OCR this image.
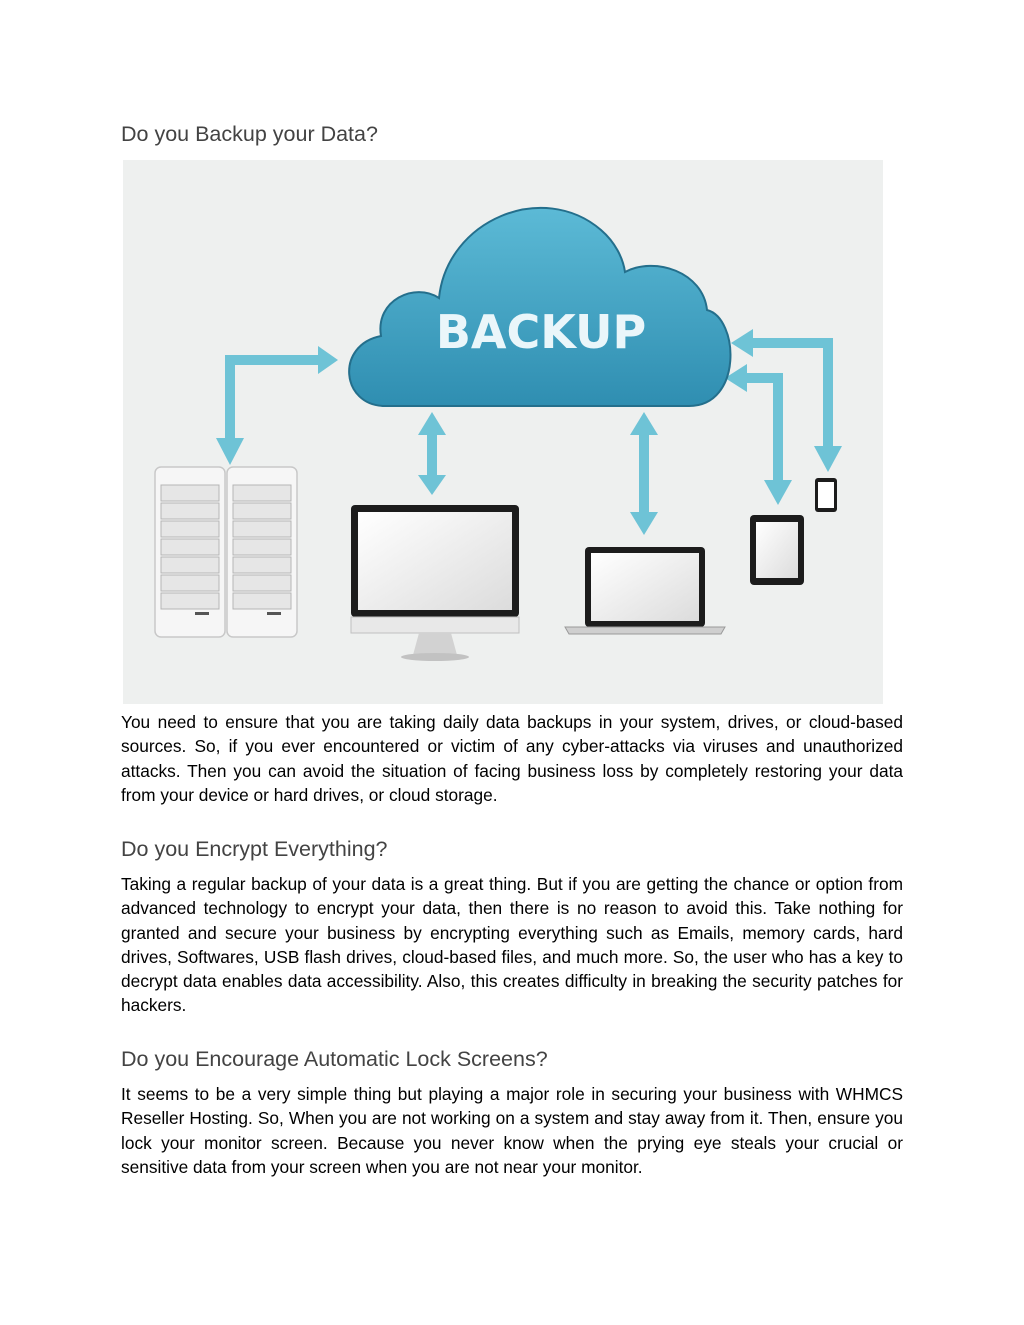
Do you Backup your Data?
BACKUP

You need to ensure that you are taking daily data backups in your system, drives, or cloud-based sources. So, if you ever encountered or victim of any cyber-attacks via viruses and unauthorized attacks. Then you can avoid the situation of facing business loss by completely restoring your data from your device or hard drives, or cloud storage.

Do you Encrypt Everything?

Taking a regular backup of your data is a great thing. But if you are getting the chance or option from advanced technology to encrypt your data, then there is no reason to avoid this. Take nothing for granted and secure your business by encrypting everything such as Emails, memory cards, hard drives, Softwares, USB flash drives, cloud-based files, and much more. So, the user who has a key to decrypt data enables data accessibility. Also, this creates difficulty in breaking the security patches for hackers.

Do you Encourage Automatic Lock Screens?

It seems to be a very simple thing but playing a major role in securing your business with WHMCS Reseller Hosting. So, When you are not working on a system and stay away from it. Then, ensure you lock your monitor screen. Because you never know when the prying eye steals your crucial or sensitive data from your screen when you are not near your monitor.
